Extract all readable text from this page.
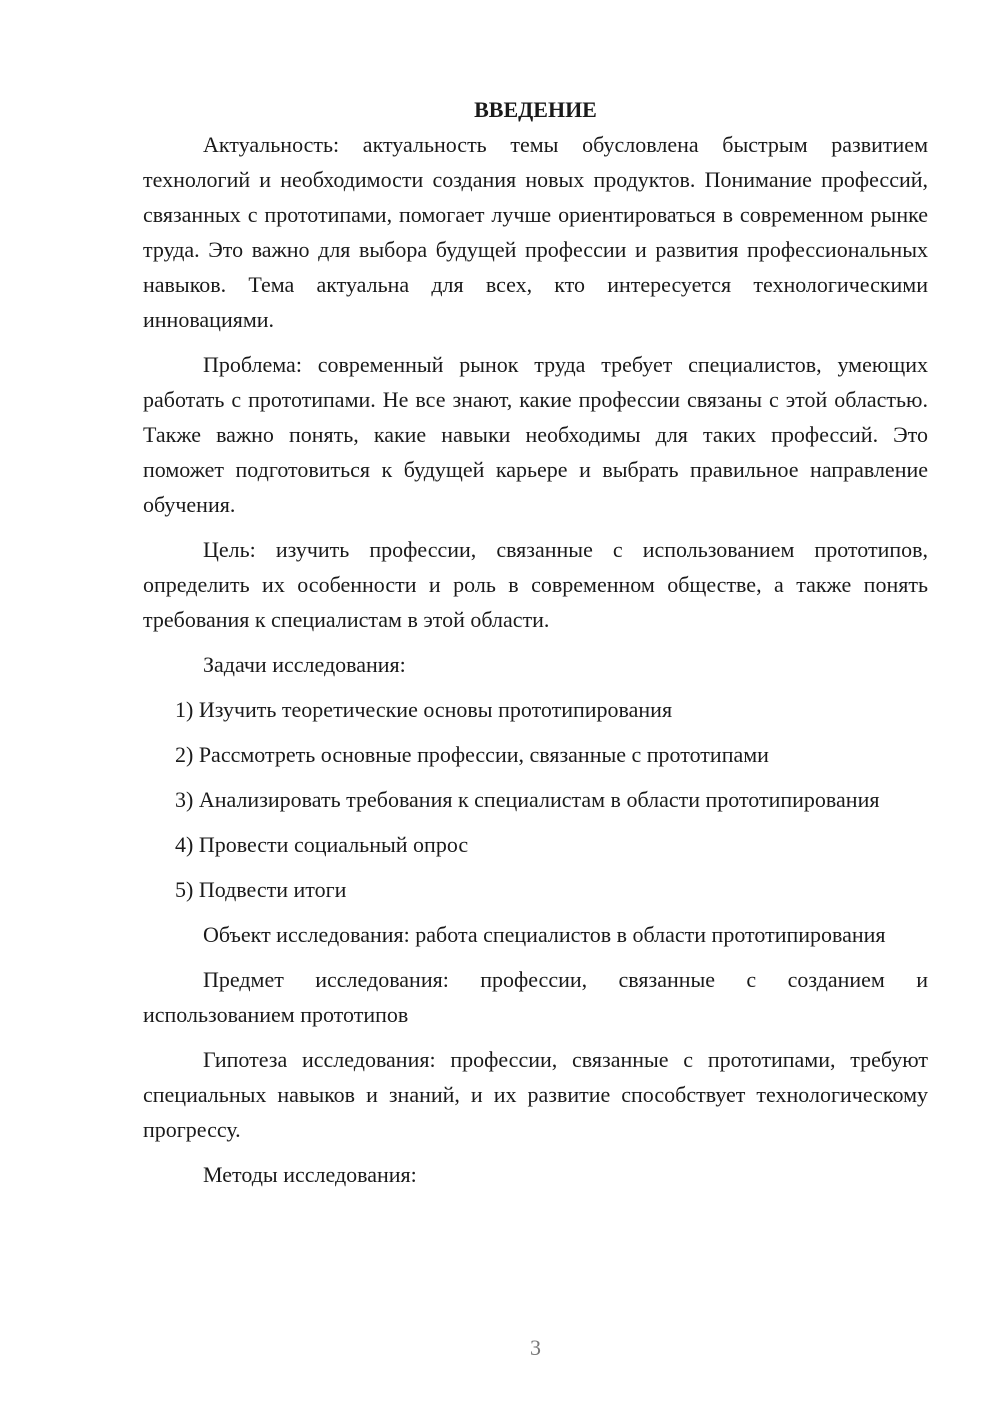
ВВЕДЕНИЕ

Актуальность: актуальность темы обусловлена быстрым развитием технологий и необходимости создания новых продуктов. Понимание профессий, связанных с прототипами, помогает лучше ориентироваться в современном рынке труда. Это важно для выбора будущей профессии и развития профессиональных навыков. Тема актуальна для всех, кто интересуется технологическими инновациями.

Проблема: современный рынок труда требует специалистов, умеющих работать с прототипами. Не все знают, какие профессии связаны с этой областью. Также важно понять, какие навыки необходимы для таких профессий. Это поможет подготовиться к будущей карьере и выбрать правильное направление обучения.

Цель: изучить профессии, связанные с использованием прототипов, определить их особенности и роль в современном обществе, а также понять требования к специалистам в этой области.

Задачи исследования:

1) Изучить теоретические основы прототипирования

2) Рассмотреть основные профессии, связанные с прототипами

3) Анализировать требования к специалистам в области прототипирования

4) Провести социальный опрос

5) Подвести итоги

Объект исследования: работа специалистов в области прототипирования

Предмет исследования: профессии, связанные с созданием и использованием прототипов

Гипотеза исследования: профессии, связанные с прототипами, требуют специальных навыков и знаний, и их развитие способствует технологическому прогрессу.

Методы исследования:

3
